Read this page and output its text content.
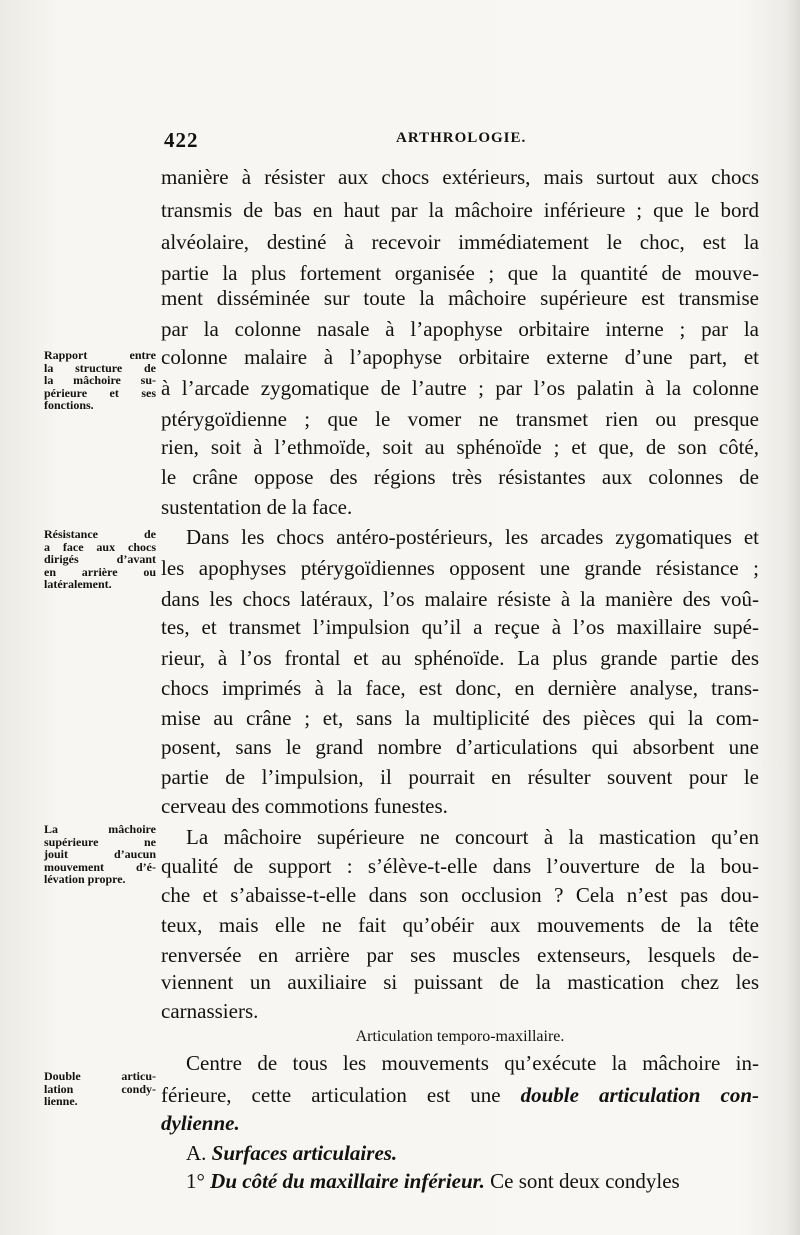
422	ARTHROLOGIE.
manière à résister aux chocs extérieurs, mais surtout aux chocs
transmis de bas en haut par la mâchoire inférieure ; que le bord
alvéolaire, destiné à recevoir immédiatement le choc, est la
partie la plus fortement organisée ; que la quantité de mouve-
ment disséminée sur toute la mâchoire supérieure est transmise
par la colonne nasale à l’apophyse orbitaire interne ; par la
colonne malaire à l’apophyse orbitaire externe d’une part, et
à l’arcade zygomatique de l’autre ; par l’os palatin à la colonne
ptérygoïdienne ; que le vomer ne transmet rien ou presque
rien, soit à l’ethmoïde, soit au sphénoïde ; et que, de son côté,
le crâne oppose des régions très résistantes aux colonnes de
sustentation de la face.
Dans les chocs antéro-postérieurs, les arcades zygomatiques et
les apophyses ptérygoïdiennes opposent une grande résistance ;
dans les chocs latéraux, l’os malaire résiste à la manière des voû-
tes, et transmet l’impulsion qu’il a reçue à l’os maxillaire supé-
rieur, à l’os frontal et au sphénoïde. La plus grande partie des
chocs imprimés à la face, est donc, en dernière analyse, trans-
mise au crâne ; et, sans la multiplicité des pièces qui la com-
posent, sans le grand nombre d’articulations qui absorbent une
partie de l’impulsion, il pourrait en résulter souvent pour le
cerveau des commotions funestes.
La mâchoire supérieure ne concourt à la mastication qu’en
qualité de support : s’élève-t-elle dans l’ouverture de la bou-
che et s’abaisse-t-elle dans son occlusion ? Cela n’est pas dou-
teux, mais elle ne fait qu’obéir aux mouvements de la tête
renversée en arrière par ses muscles extenseurs, lesquels de-
viennent un auxiliaire si puissant de la mastication chez les
carnassiers.
Articulation temporo-maxillaire.
Centre de tous les mouvements qu’exécute la mâchoire in-
férieure, cette articulation est une double articulation con-
dylienne.
A. Surfaces articulaires.
1° Du côté du maxillaire inférieur. Ce sont deux condyles
Rapport entre
la structure de
la mâchoire su-
périeure et ses
fonctions.
Résistance de
a face aux chocs
dirigés d’avant
en arrière ou
latéralement.
La mâchoire
supérieure ne
jouit d’aucun
mouvement d’é-
lévation propre.
Double articu-
lation condy-
lienne.
